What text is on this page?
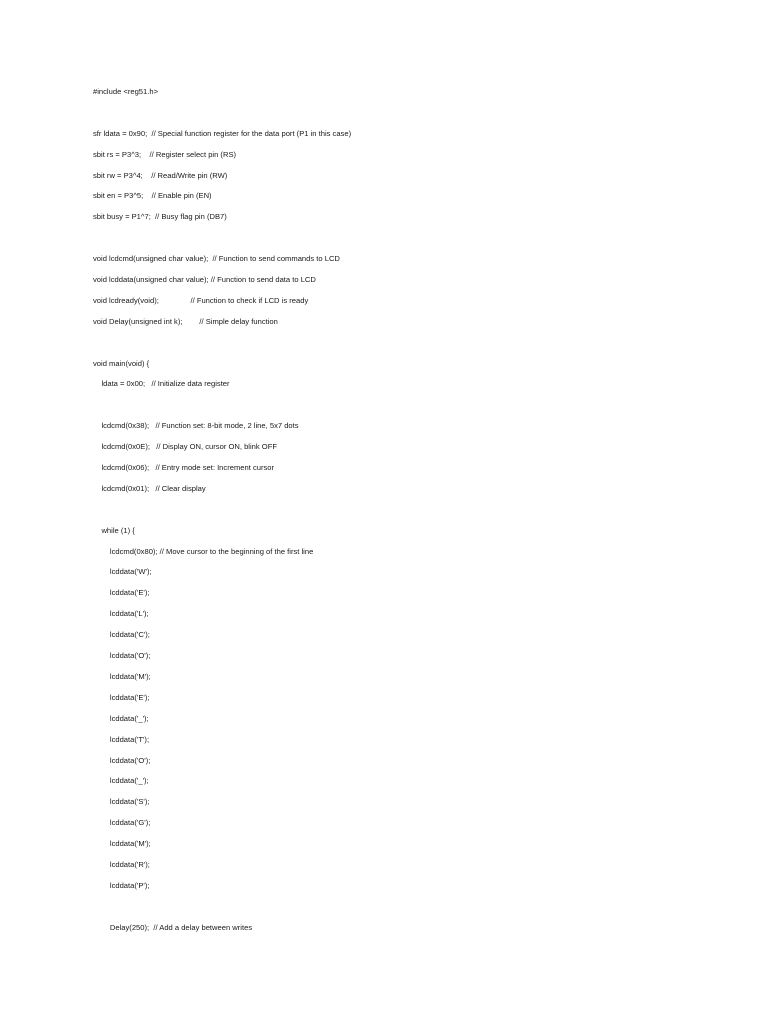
#include <reg51.h>
sfr ldata = 0x90;  // Special function register for the data port (P1 in this case)
sbit rs = P3^3;    // Register select pin (RS)
sbit rw = P3^4;    // Read/Write pin (RW)
sbit en = P3^5;    // Enable pin (EN)
sbit busy = P1^7;  // Busy flag pin (DB7)
void lcdcmd(unsigned char value);  // Function to send commands to LCD
void lcddata(unsigned char value); // Function to send data to LCD
void lcdready(void);               // Function to check if LCD is ready
void Delay(unsigned int k);        // Simple delay function
void main(void) {
ldata = 0x00;   // Initialize data register
lcdcmd(0x38);   // Function set: 8-bit mode, 2 line, 5x7 dots
lcdcmd(0x0E);   // Display ON, cursor ON, blink OFF
lcdcmd(0x06);   // Entry mode set: Increment cursor
lcdcmd(0x01);   // Clear display
while (1) {
lcdcmd(0x80); // Move cursor to the beginning of the first line
lcddata('W');
lcddata('E');
lcddata('L');
lcddata('C');
lcddata('O');
lcddata('M');
lcddata('E');
lcddata('_');
lcddata('T');
lcddata('O');
lcddata('_');
lcddata('S');
lcddata('G');
lcddata('M');
lcddata('R');
lcddata('P');
Delay(250);  // Add a delay between writes
